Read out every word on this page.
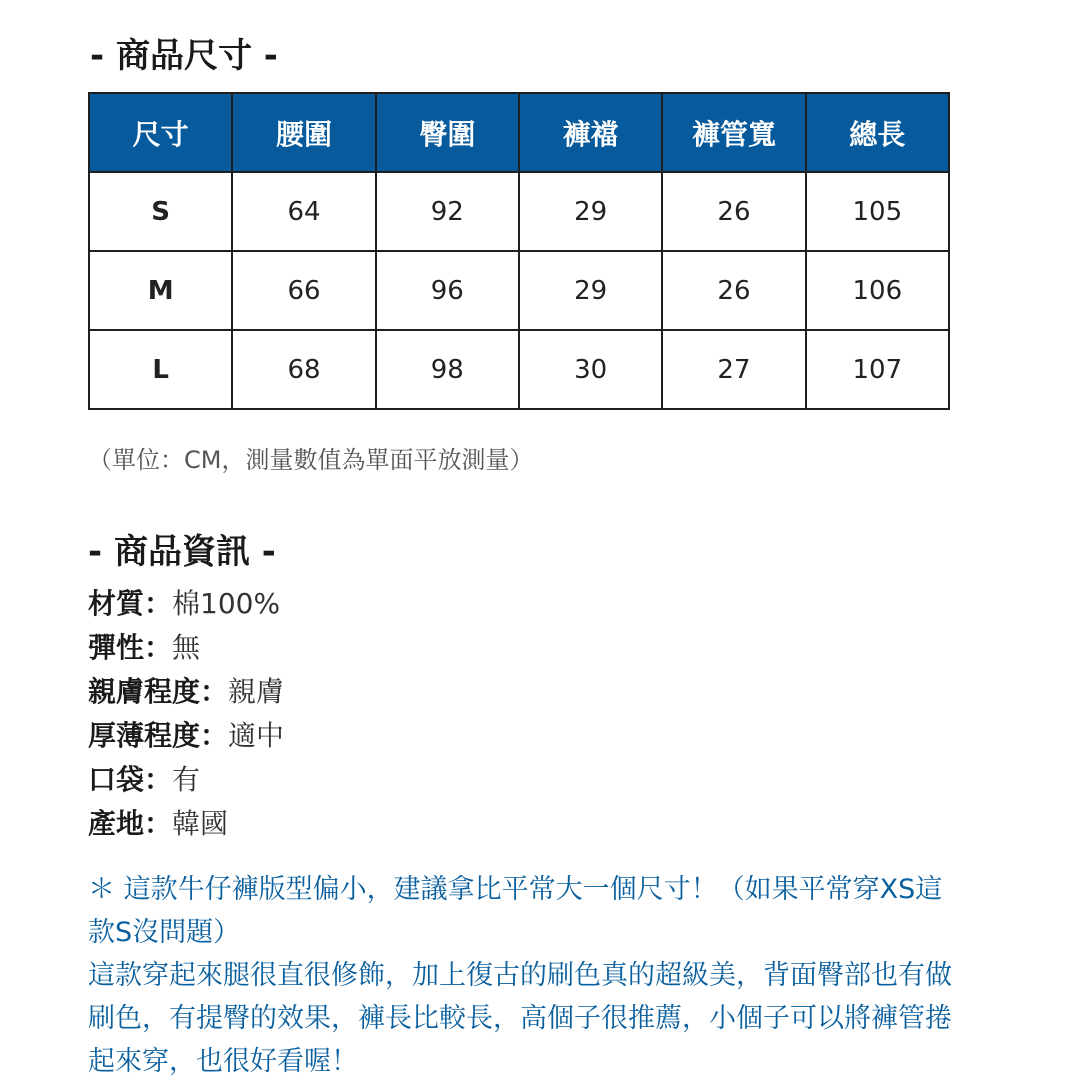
- 商品尺寸 -
尺寸	腰圍	臀圍	褲襠	褲管寬	總長
S	64	92	29	26	105
M	66	96	29	26	106
L	68	98	30	27	107
（單位：CM，測量數值為單面平放測量）
- 商品資訊 -
材質：棉100%
彈性：無
親膚程度：親膚
厚薄程度：適中
口袋：有
產地：韓國

＊ 這款牛仔褲版型偏小，建議拿比平常大一個尺寸！（如果平常穿XS這款S沒問題）

這款穿起來腿很直很修飾，加上復古的刷色真的超級美，背面臀部也有做刷色，有提臀的效果，褲長比較長，高個子很推薦，小個子可以將褲管捲起來穿，也很好看喔！
